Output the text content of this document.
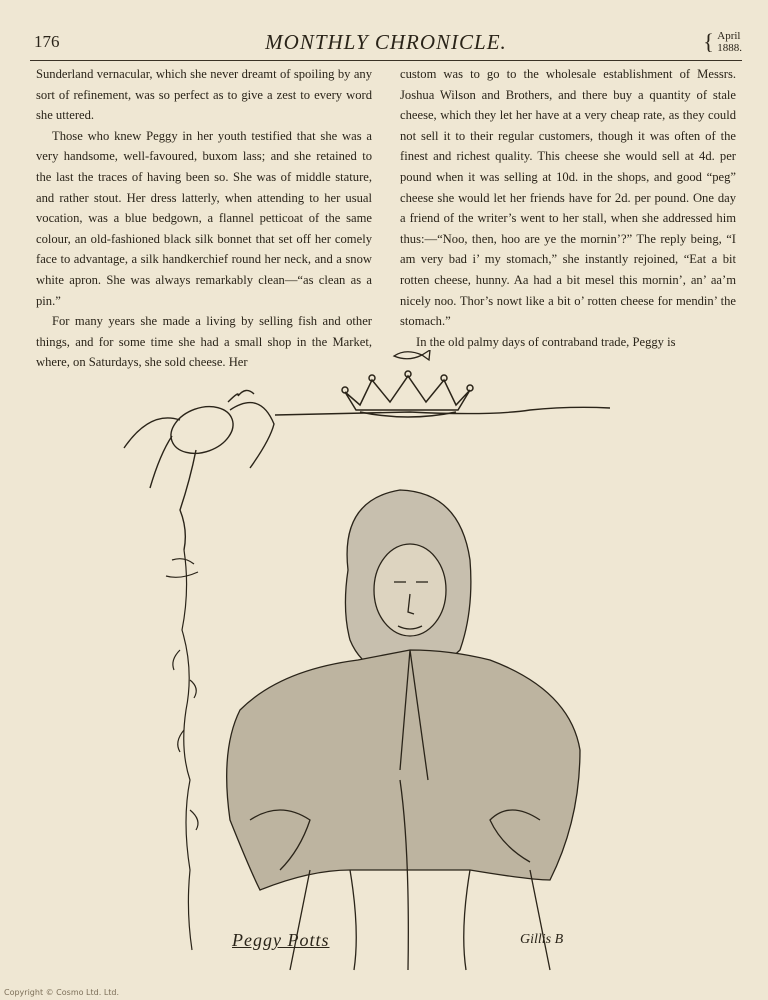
176	MONTHLY CHRONICLE.	{ April
1888.

Sunderland vernacular, which she never dreamt of spoiling by any sort of refinement, was so perfect as to give a zest to every word she uttered.

Those who knew Peggy in her youth testified that she was a very handsome, well-favoured, buxom lass; and she retained to the last the traces of having been so. She was of middle stature, and rather stout. Her dress latterly, when attending to her usual vocation, was a blue bedgown, a flannel petticoat of the same colour, an old-fashioned black silk bonnet that set off her comely face to advantage, a silk handkerchief round her neck, and a snow white apron. She was always remarkably clean—“as clean as a pin.”

For many years she made a living by selling fish and other things, and for some time she had a small shop in the Market, where, on Saturdays, she sold cheese. Her

custom was to go to the wholesale establishment of Messrs. Joshua Wilson and Brothers, and there buy a quantity of stale cheese, which they let her have at a very cheap rate, as they could not sell it to their regular customers, though it was often of the finest and richest quality. This cheese she would sell at 4d. per pound when it was selling at 10d. in the shops, and good “peg” cheese she would let her friends have for 2d. per pound. One day a friend of the writer’s went to her stall, when she addressed him thus:—“Noo, then, hoo are ye the mornin’?” The reply being, “I am very bad i’ my stomach,” she instantly rejoined, “Eat a bit rotten cheese, hunny. Aa had a bit mesel this mornin’, an’ aa’m nicely noo. Thor’s nowt like a bit o’ rotten cheese for mendin’ the stomach.”

In the old palmy days of contraband trade, Peggy is

Peggy Potts	Gillis B
Copyright © Cosmo Ltd. Ltd.
